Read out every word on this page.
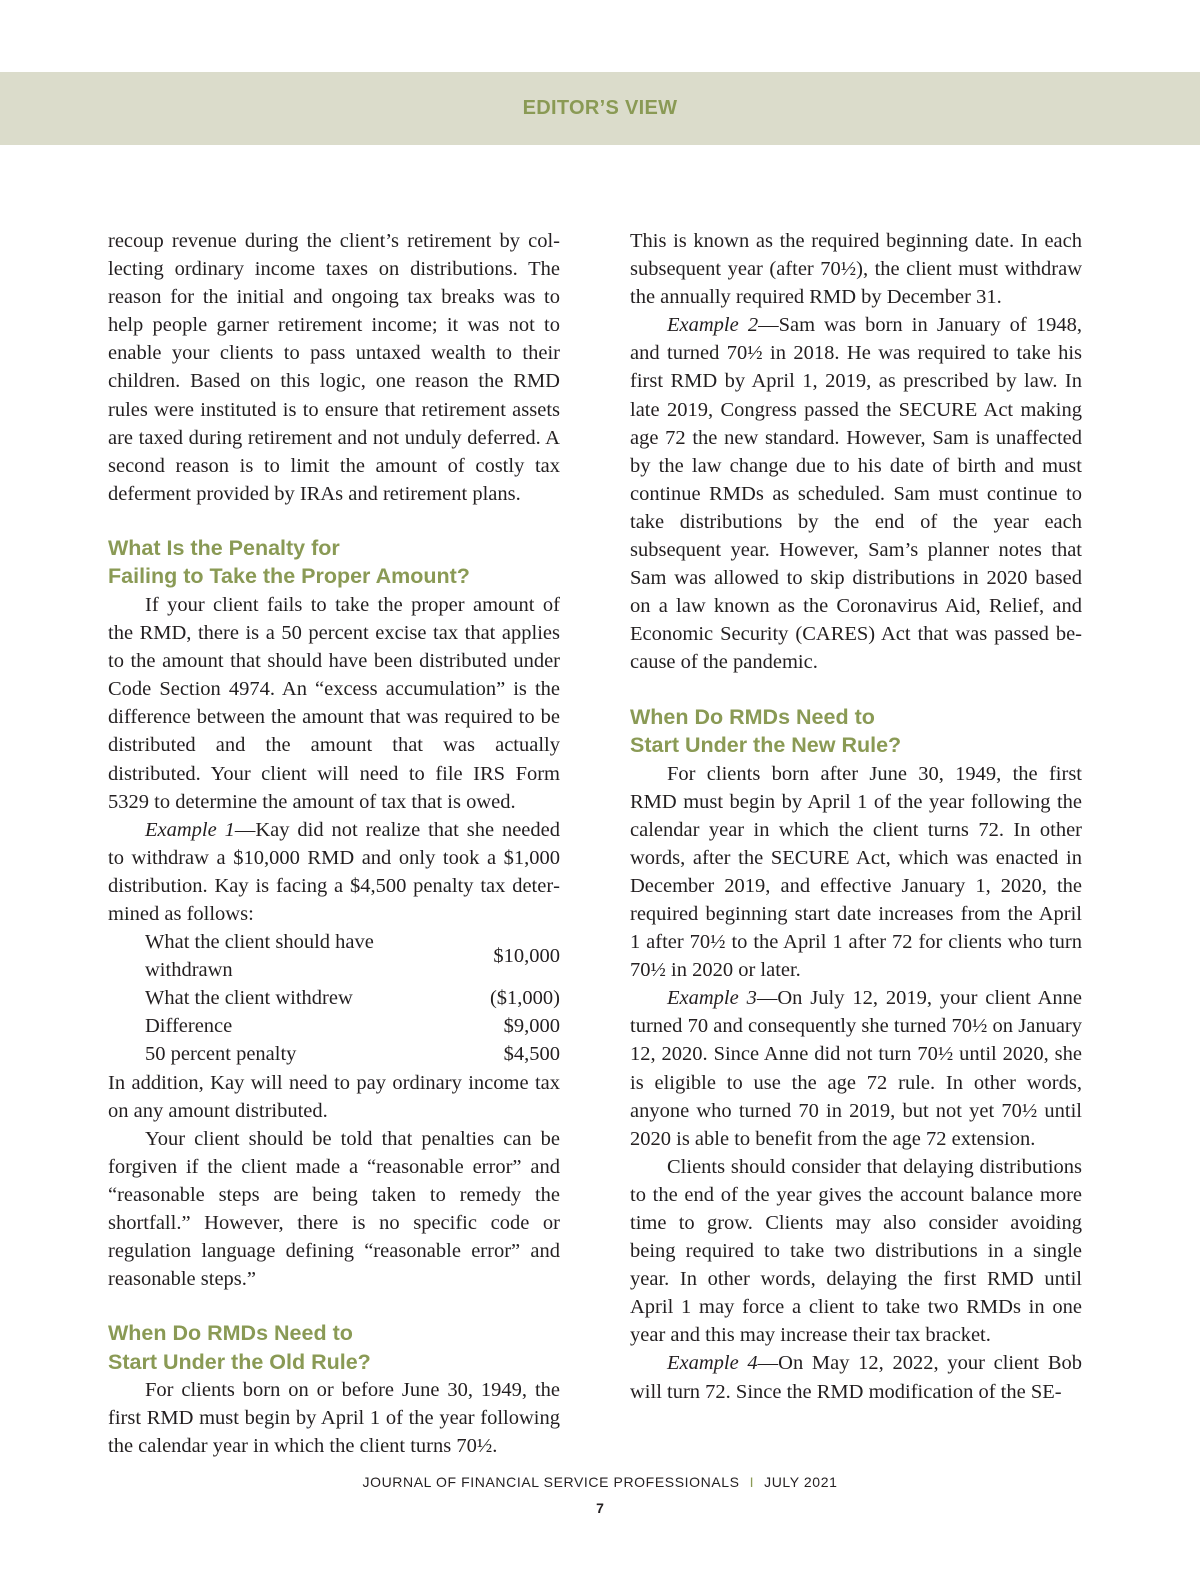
EDITOR’S VIEW

recoup revenue during the client’s retirement by collecting ordinary income taxes on distributions. The reason for the initial and ongoing tax breaks was to help people garner retirement income; it was not to enable your clients to pass untaxed wealth to their children. Based on this logic, one reason the RMD rules were instituted is to ensure that retirement assets are taxed during retirement and not unduly deferred. A second reason is to limit the amount of costly tax deferment provided by IRAs and retirement plans.

What Is the Penalty for
Failing to Take the Proper Amount?

If your client fails to take the proper amount of the RMD, there is a 50 percent excise tax that applies to the amount that should have been distributed under Code Section 4974. An “excess accumulation” is the difference between the amount that was required to be distributed and the amount that was actually distributed. Your client will need to file IRS Form 5329 to determine the amount of tax that is owed.

Example 1—Kay did not realize that she needed to withdraw a $10,000 RMD and only took a $1,000 distribution. Kay is facing a $4,500 penalty tax determined as follows:

What the client should have withdrawn	$10,000
What the client withdrew	($1,000)
Difference	$9,000
50 percent penalty	$4,500

In addition, Kay will need to pay ordinary income tax on any amount distributed.

Your client should be told that penalties can be forgiven if the client made a “reasonable error” and “reasonable steps are being taken to remedy the shortfall.” However, there is no specific code or regulation language defining “reasonable error” and reasonable steps.”

When Do RMDs Need to
Start Under the Old Rule?

For clients born on or before June 30, 1949, the first RMD must begin by April 1 of the year following the calendar year in which the client turns 70½.

This is known as the required beginning date. In each subsequent year (after 70½), the client must withdraw the annually required RMD by December 31.

Example 2—Sam was born in January of 1948, and turned 70½ in 2018. He was required to take his first RMD by April 1, 2019, as prescribed by law. In late 2019, Congress passed the SECURE Act making age 72 the new standard. However, Sam is unaffected by the law change due to his date of birth and must continue RMDs as scheduled. Sam must continue to take distributions by the end of the year each subsequent year. However, Sam’s planner notes that Sam was allowed to skip distributions in 2020 based on a law known as the Coronavirus Aid, Relief, and Economic Security (CARES) Act that was passed because of the pandemic.

When Do RMDs Need to
Start Under the New Rule?

For clients born after June 30, 1949, the first RMD must begin by April 1 of the year following the calendar year in which the client turns 72. In other words, after the SECURE Act, which was enacted in December 2019, and effective January 1, 2020, the required beginning start date increases from the April 1 after 70½ to the April 1 after 72 for clients who turn 70½ in 2020 or later.

Example 3—On July 12, 2019, your client Anne turned 70 and consequently she turned 70½ on January 12, 2020. Since Anne did not turn 70½ until 2020, she is eligible to use the age 72 rule. In other words, anyone who turned 70 in 2019, but not yet 70½ until 2020 is able to benefit from the age 72 extension.

Clients should consider that delaying distributions to the end of the year gives the account balance more time to grow. Clients may also consider avoiding being required to take two distributions in a single year. In other words, delaying the first RMD until April 1 may force a client to take two RMDs in one year and this may increase their tax bracket.

Example 4—On May 12, 2022, your client Bob will turn 72. Since the RMD modification of the SE-

JOURNAL OF FINANCIAL SERVICE PROFESSIONALS I JULY 2021
7
